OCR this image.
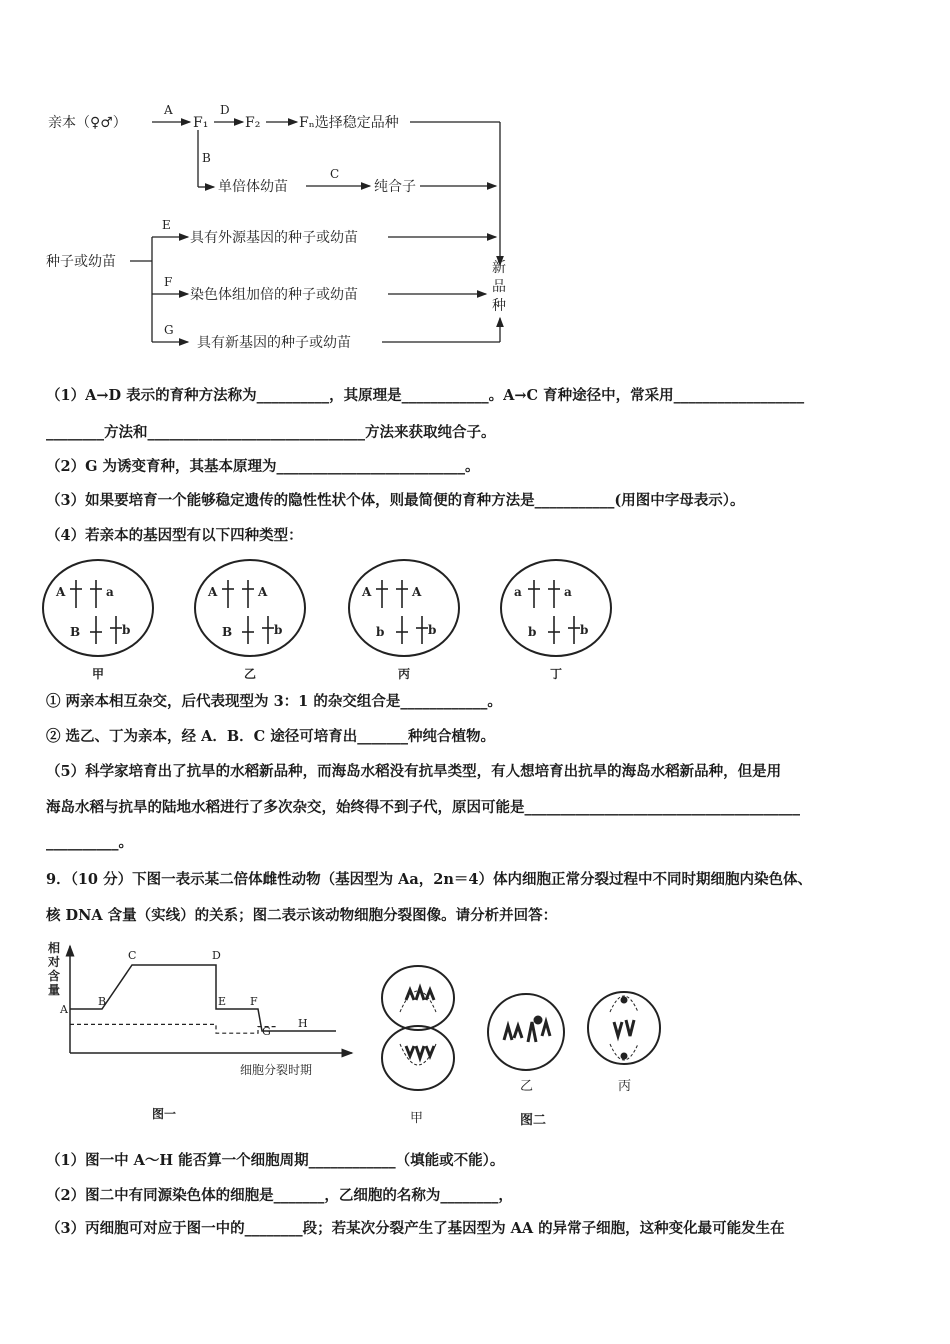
亲本（♀♂）
A
F₁
D
F₂	Fₙ选择稳定品种
B
单倍体幼苗
C
纯合子
种子或幼苗
E
具有外源基因的种子或幼苗
F
染色体组加倍的种子或幼苗
G
具有新基因的种子或幼苗
新
品
种
（1）A→D 表示的育种方法称为__________，其原理是____________。A→C 育种途径中，常采用__________________
________方法和______________________________方法来获取纯合子。
（2）G 为诱变育种，其基本原理为__________________________。
（3）如果要培育一个能够稳定遗传的隐性性状个体，则最简便的育种方法是___________(用图中字母表示）。
（4）若亲本的基因型有以下四种类型：
A	a
B	b
甲
A	A
B	b
乙
A	A
b	b
丙
a	a
b	b
丁
① 两亲本相互杂交，后代表现型为 3：1 的杂交组合是____________。
② 选乙、丁为亲本，经 A．B．C 途径可培育出_______种纯合植物。
（5）科学家培育出了抗旱的水稻新品种，而海岛水稻没有抗旱类型，有人想培育出抗旱的海岛水稻新品种，但是用
海岛水稻与抗旱的陆地水稻进行了多次杂交，始终得不到子代，原因可能是______________________________________
__________。
9．（10 分）下图一表示某二倍体雌性动物（基因型为 Aa，2n＝4）体内细胞正常分裂过程中不同时期细胞内染色体、
核 DNA 含量（实线）的关系；图二表示该动物细胞分裂图像。请分析并回答：
相
对
含
量
细胞分裂时期
图一
A
B
C	D
E F
G
H
甲
乙	丙
图二
（1）图一中 A～H 能否算一个细胞周期____________（填能或不能）。
（2）图二中有同源染色体的细胞是_______，乙细胞的名称为________，
（3）丙细胞可对应于图一中的________段；若某次分裂产生了基因型为 AA 的异常子细胞，这种变化最可能发生在
